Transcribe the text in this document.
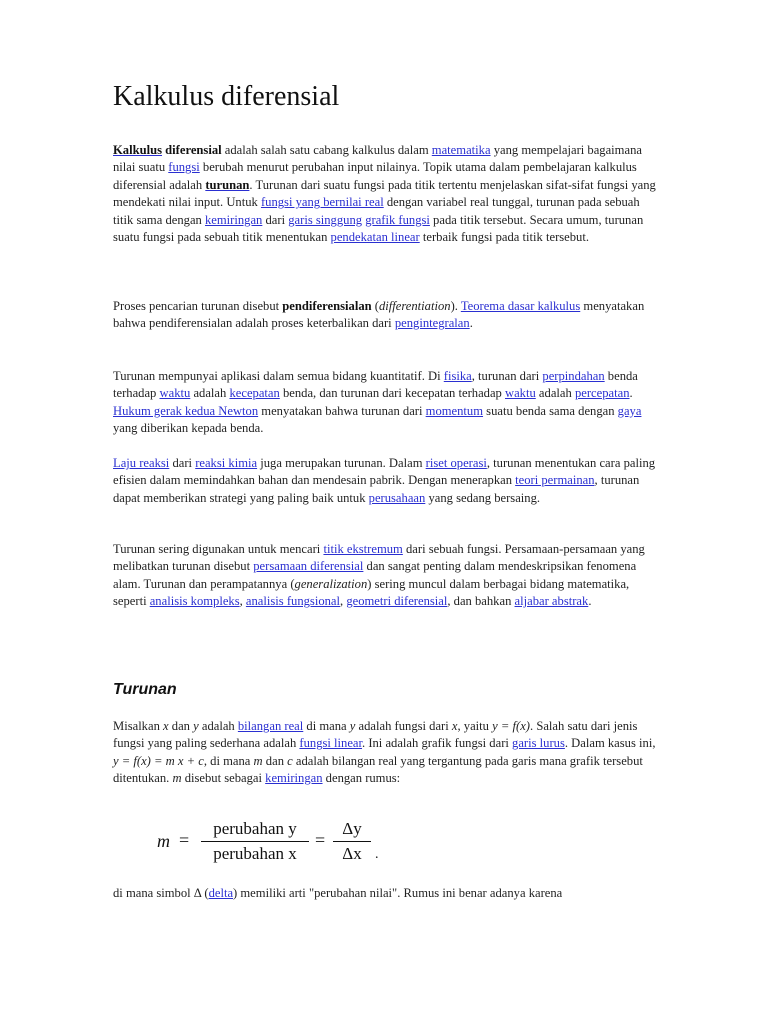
Kalkulus diferensial

Kalkulus diferensial adalah salah satu cabang kalkulus dalam matematika yang mempelajari bagaimana nilai suatu fungsi berubah menurut perubahan input nilainya. Topik utama dalam pembelajaran kalkulus diferensial adalah turunan. Turunan dari suatu fungsi pada titik tertentu menjelaskan sifat-sifat fungsi yang mendekati nilai input. Untuk fungsi yang bernilai real dengan variabel real tunggal, turunan pada sebuah titik sama dengan kemiringan dari garis singgung grafik fungsi pada titik tersebut. Secara umum, turunan suatu fungsi pada sebuah titik menentukan pendekatan linear terbaik fungsi pada titik tersebut.

Proses pencarian turunan disebut pendiferensialan (differentiation). Teorema dasar kalkulus menyatakan bahwa pendiferensialan adalah proses keterbalikan dari pengintegralan.

Turunan mempunyai aplikasi dalam semua bidang kuantitatif. Di fisika, turunan dari perpindahan benda terhadap waktu adalah kecepatan benda, dan turunan dari kecepatan terhadap waktu adalah percepatan. Hukum gerak kedua Newton menyatakan bahwa turunan dari momentum suatu benda sama dengan gaya yang diberikan kepada benda.

Laju reaksi dari reaksi kimia juga merupakan turunan. Dalam riset operasi, turunan menentukan cara paling efisien dalam memindahkan bahan dan mendesain pabrik. Dengan menerapkan teori permainan, turunan dapat memberikan strategi yang paling baik untuk perusahaan yang sedang bersaing.

Turunan sering digunakan untuk mencari titik ekstremum dari sebuah fungsi. Persamaan-persamaan yang melibatkan turunan disebut persamaan diferensial dan sangat penting dalam mendeskripsikan fenomena alam. Turunan dan perampatannya (generalization) sering muncul dalam berbagai bidang matematika, seperti analisis kompleks, analisis fungsional, geometri diferensial, dan bahkan aljabar abstrak.

Turunan

Misalkan x dan y adalah bilangan real di mana y adalah fungsi dari x, yaitu y = f(x). Salah satu dari jenis fungsi yang paling sederhana adalah fungsi linear. Ini adalah grafik fungsi dari garis lurus. Dalam kasus ini, y = f(x) = m x + c, di mana m dan c adalah bilangan real yang tergantung pada garis mana grafik tersebut ditentukan. m disebut sebagai kemiringan dengan rumus:

m =
perubahan y
perubahan x
=
Δy
Δx .

di mana simbol Δ (delta) memiliki arti "perubahan nilai". Rumus ini benar adanya karena
